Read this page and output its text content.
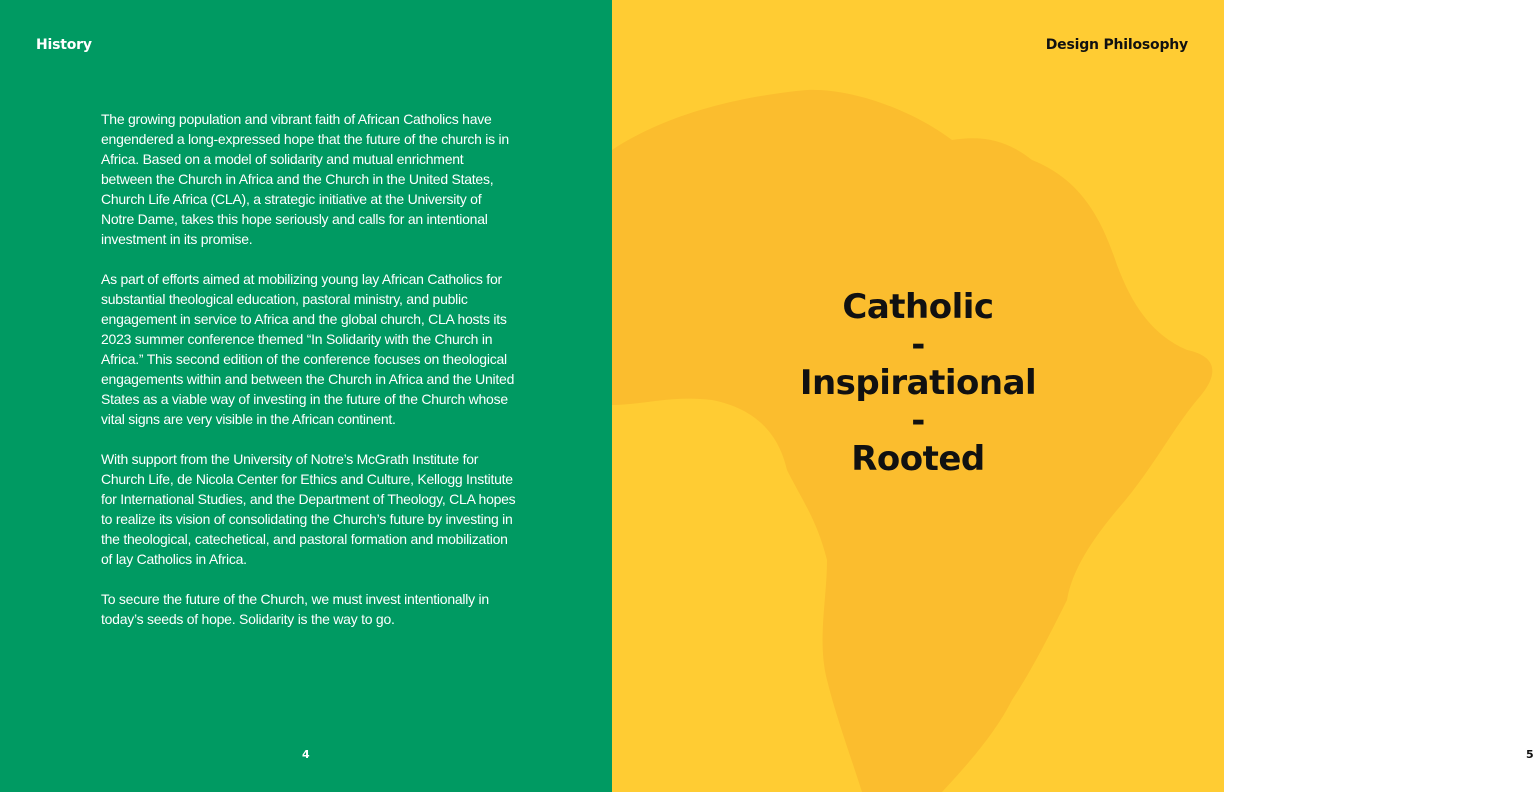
History

The growing population and vibrant faith of African Catholics have engendered a long-expressed hope that the future of the church is in Africa. Based on a model of solidarity and mutual enrichment between the Church in Africa and the Church in the United States, Church Life Africa (CLA), a strategic initiative at the University of Notre Dame, takes this hope seriously and calls for an intentional investment in its promise.

As part of efforts aimed at mobilizing young lay African Catholics for substantial theological education, pastoral ministry, and public engagement in service to Africa and the global church, CLA hosts its 2023 summer conference themed “In Solidarity with the Church in Africa.” This second edition of the conference focuses on theological engagements within and between the Church in Africa and the United States as a viable way of investing in the future of the Church whose vital signs are very visible in the African continent.

With support from the University of Notre’s McGrath Institute for Church Life, de Nicola Center for Ethics and Culture, Kellogg Institute for International Studies, and the Department of Theology, CLA hopes to realize its vision of consolidating the Church’s future by investing in the theological, catechetical, and pastoral formation and mobilization of lay Catholics in Africa.

To secure the future of the Church, we must invest intentionally in today’s seeds of hope. Solidarity is the way to go.

4
Design Philosophy
Catholic
-
Inspirational
-
Rooted
5
